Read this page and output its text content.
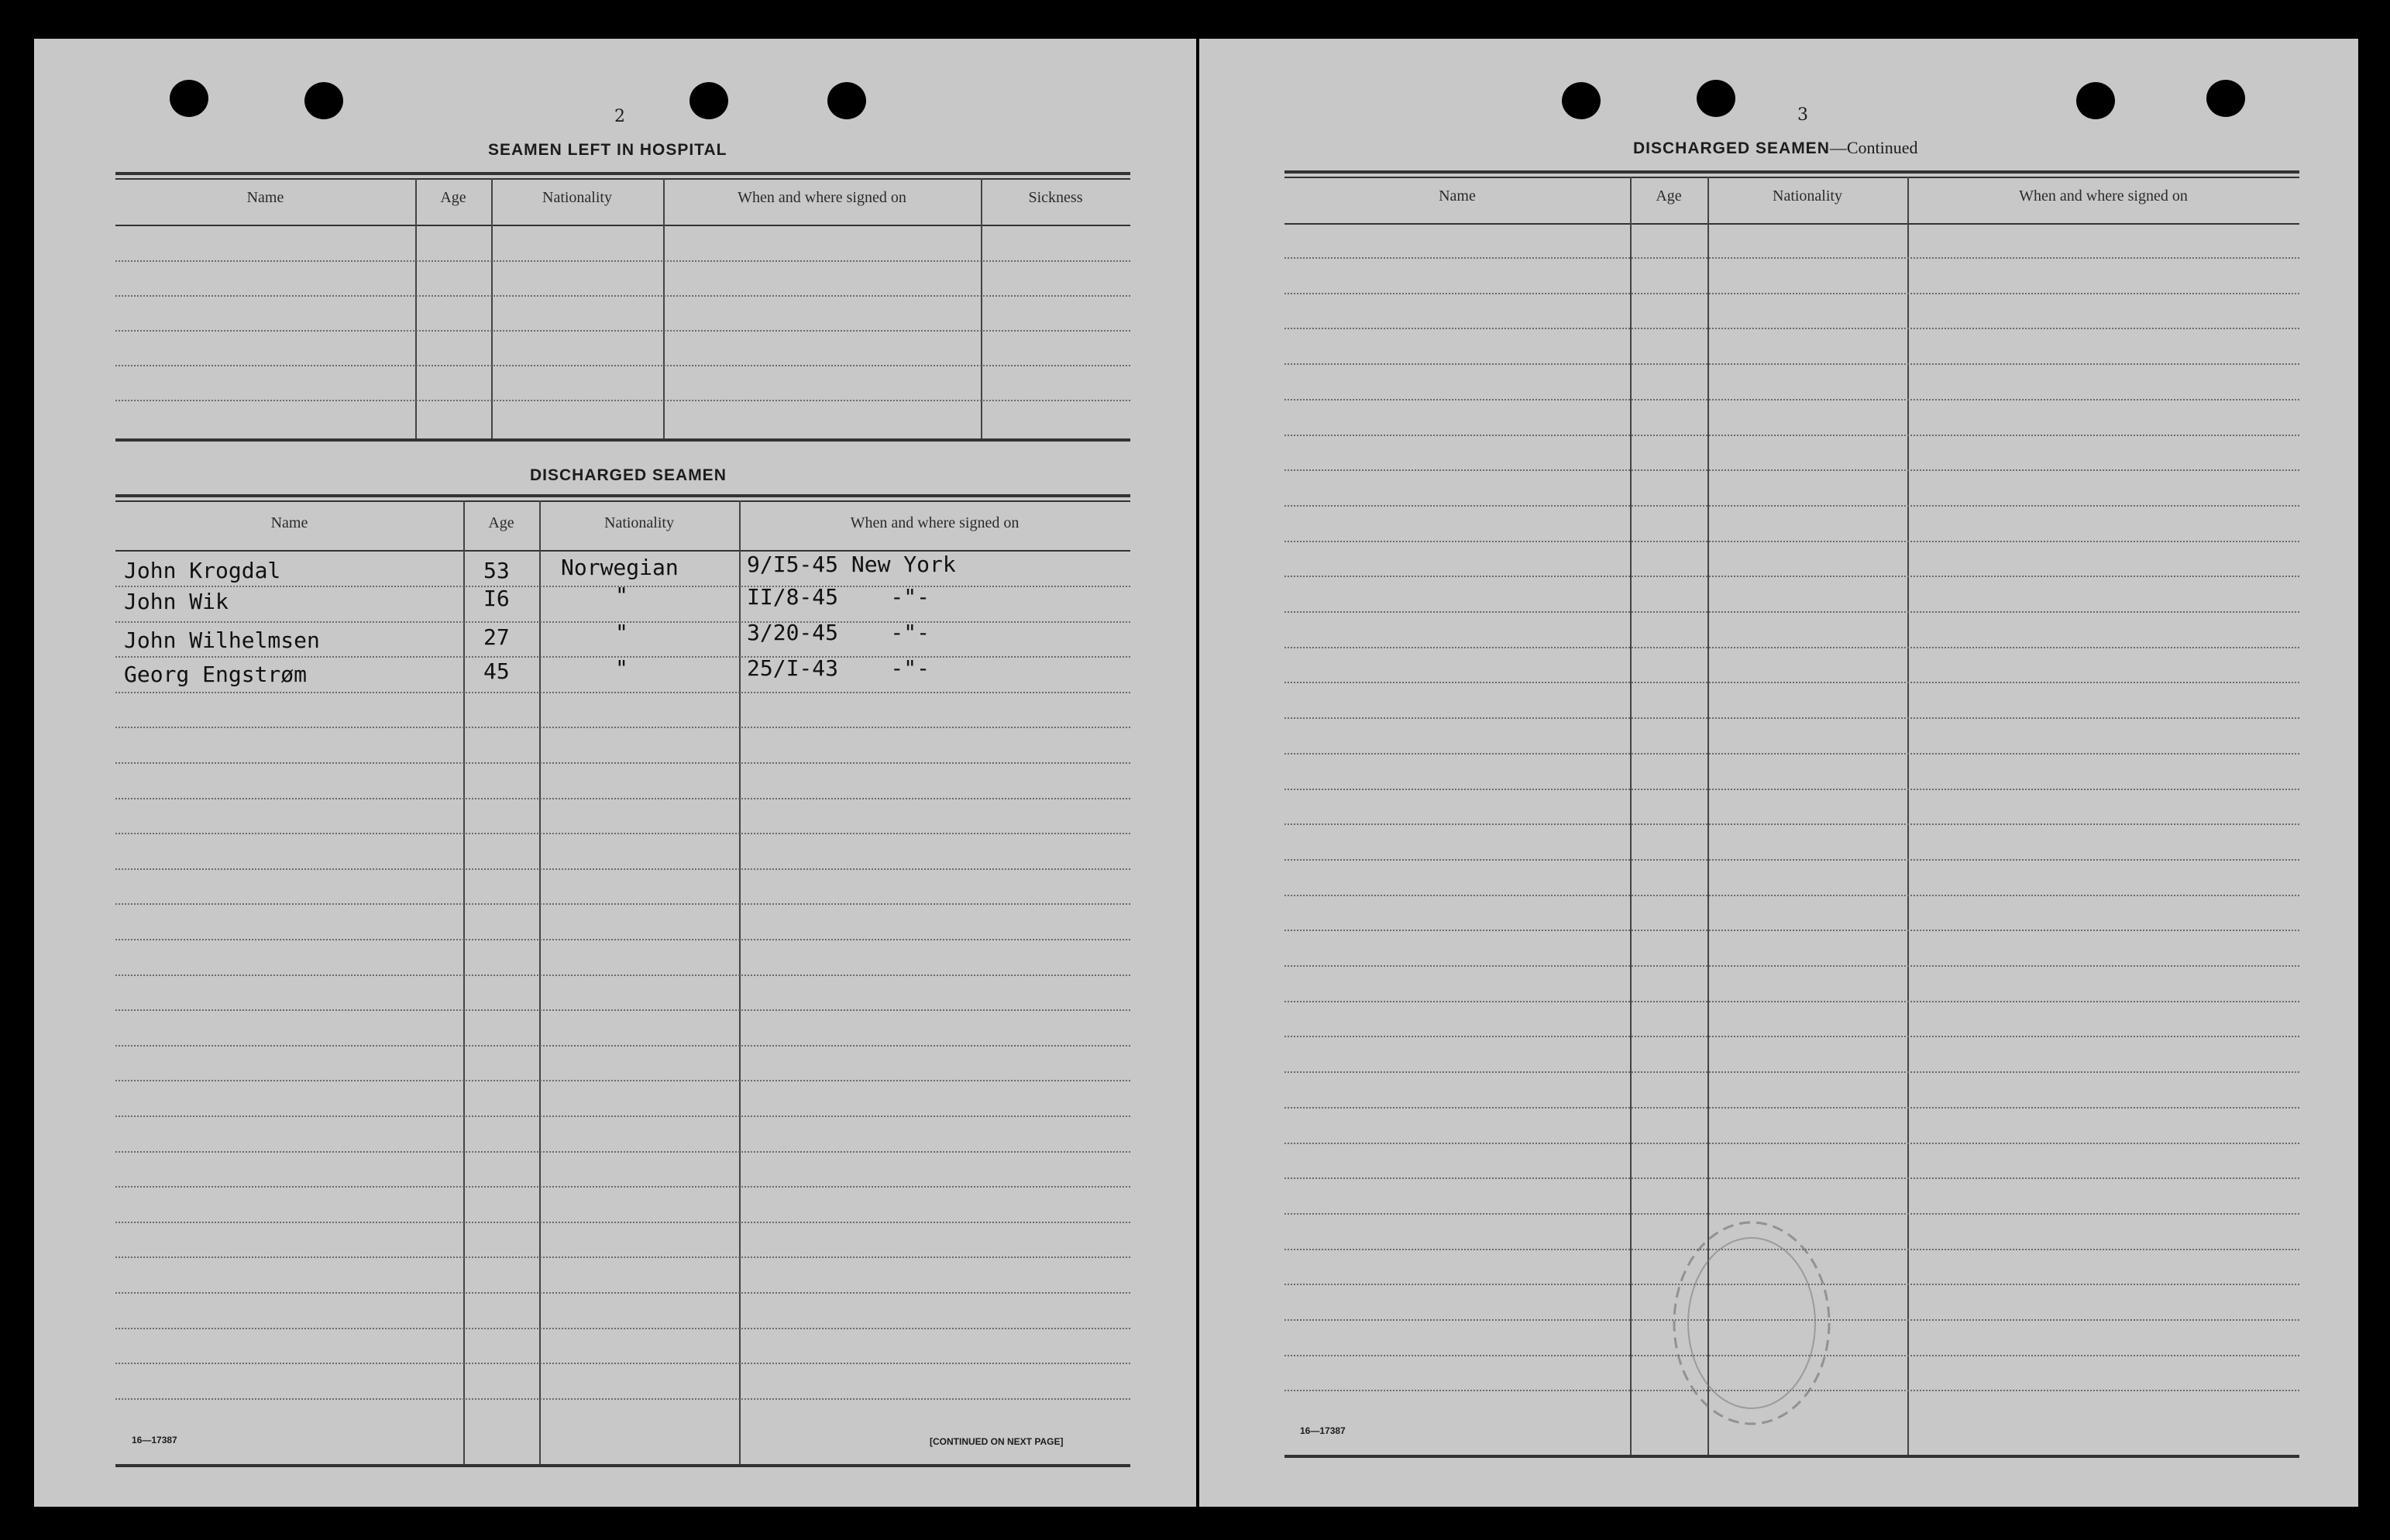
2
SEAMEN LEFT IN HOSPITAL
Name	Age	Nationality	When and where signed on	Sickness
DISCHARGED SEAMEN
Name	Age	Nationality	When and where signed on
John Krogdal	53 Norwegian	9/I5-45 New York
John Wik	I6	"	II/8-45    -"-
John Wilhelmsen	27	"	3/20-45    -"-
Georg Engstrøm	45	"	25/I-43    -"-
16—17387	[CONTINUED ON NEXT PAGE]
3
DISCHARGED SEAMEN—Continued
Name	Age	Nationality	When and where signed on
16—17387
